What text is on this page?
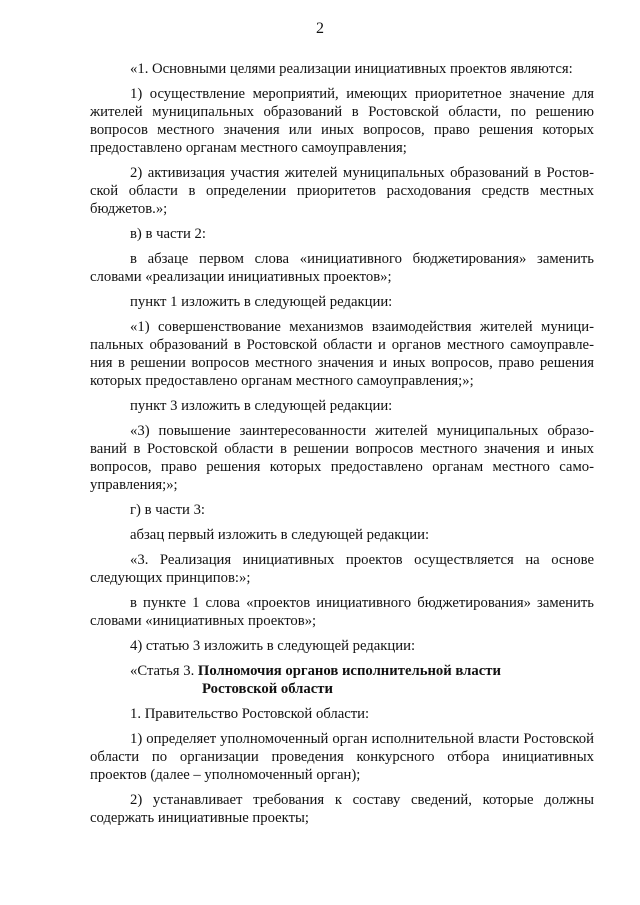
2

«1. Основными целями реализации инициативных проектов являются:

1) осуществление мероприятий, имеющих приоритетное значение для жителей муниципальных образований в Ростовской области, по решению вопросов местного значения или иных вопросов, право решения которых предоставлено органам местного самоуправления;

2) активизация участия жителей муниципальных образований в Ростовской области в определении приоритетов расходования средств местных бюджетов.»;

в) в части 2:

в абзаце первом слова «инициативного бюджетирования» заменить словами «реализации инициативных проектов»;

пункт 1 изложить в следующей редакции:

«1) совершенствование механизмов взаимодействия жителей муниципальных образований в Ростовской области и органов местного самоуправления в решении вопросов местного значения и иных вопросов, право решения которых предоставлено органам местного самоуправления;»;

пункт 3 изложить в следующей редакции:

«3) повышение заинтересованности жителей муниципальных образований в Ростовской области в решении вопросов местного значения и иных вопросов, право решения которых предоставлено органам местного самоуправления;»;

г) в части 3:

абзац первый изложить в следующей редакции:

«3. Реализация инициативных проектов осуществляется на основе следующих принципов:»;

в пункте 1 слова «проектов инициативного бюджетирования» заменить словами «инициативных проектов»;

4) статью 3 изложить в следующей редакции:

«Статья 3. Полномочия органов исполнительной власти
Ростовской области

1. Правительство Ростовской области:

1) определяет уполномоченный орган исполнительной власти Ростовской области по организации проведения конкурсного отбора инициативных проектов (далее – уполномоченный орган);

2) устанавливает требования к составу сведений, которые должны содержать инициативные проекты;
